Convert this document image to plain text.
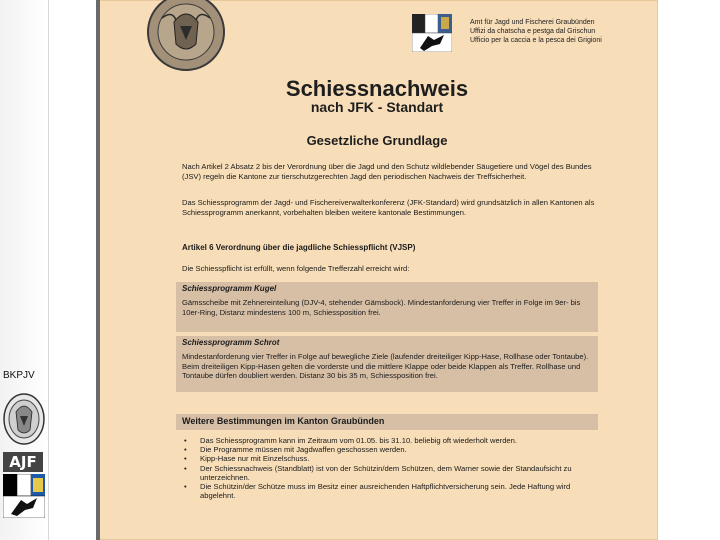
BKPJV
AJF
Amt für Jagd und Fischerei Graubünden
Uffizi da chatscha e pestga dal Grischun
Ufficio per la caccia e la pesca dei Grigioni
Schiessnachweis
nach JFK - Standart
Gesetzliche Grundlage
Nach Artikel 2 Absatz 2 bis der Verordnung über die Jagd und den Schutz wildlebender Säugetiere und Vögel des Bundes (JSV) regeln die Kantone zur tierschutzgerechten Jagd den periodischen Nachweis der Treffsicherheit.
Das Schiessprogramm der Jagd- und Fischereiverwalterkonferenz (JFK-Standard) wird grundsätzlich in allen Kantonen als Schiessprogramm anerkannt, vorbehalten bleiben weitere kantonale Bestimmungen.
Artikel 6 Verordnung über die jagdliche Schiesspflicht (VJSP)
Die Schiesspflicht ist erfüllt, wenn folgende Trefferzahl erreicht wird:
Schiessprogramm Kugel
Gämsscheibe mit Zehnereinteilung (DJV-4, stehender Gämsbock). Mindestanforderung vier Treffer in Folge im 9er- bis 10er-Ring, Distanz mindestens 100 m, Schiessposition frei.
Schiessprogramm Schrot
Mindestanforderung vier Treffer in Folge auf bewegliche Ziele (laufender dreiteiliger Kipp-Hase, Rollhase oder Tontaube). Beim dreiteiligen Kipp-Hasen gelten die vorderste und die mittlere Klappe oder beide Klappen als Treffer. Rollhase und Tontaube dürfen doubliert werden. Distanz 30 bis 35 m, Schiessposition frei.
Weitere Bestimmungen im Kanton Graubünden
• Das Schiessprogramm kann im Zeitraum vom 01.05. bis 31.10. beliebig oft wiederholt werden.
• Die Programme müssen mit Jagdwaffen geschossen werden.
• Kipp-Hase nur mit Einzelschuss.
• Der Schiessnachweis (Standblatt) ist von der Schützin/dem Schützen, dem Warner sowie der Standaufsicht zu unterzeichnen.
• Die Schützin/der Schütze muss im Besitz einer ausreichenden Haftpflichtversicherung sein. Jede Haftung wird abgelehnt.
